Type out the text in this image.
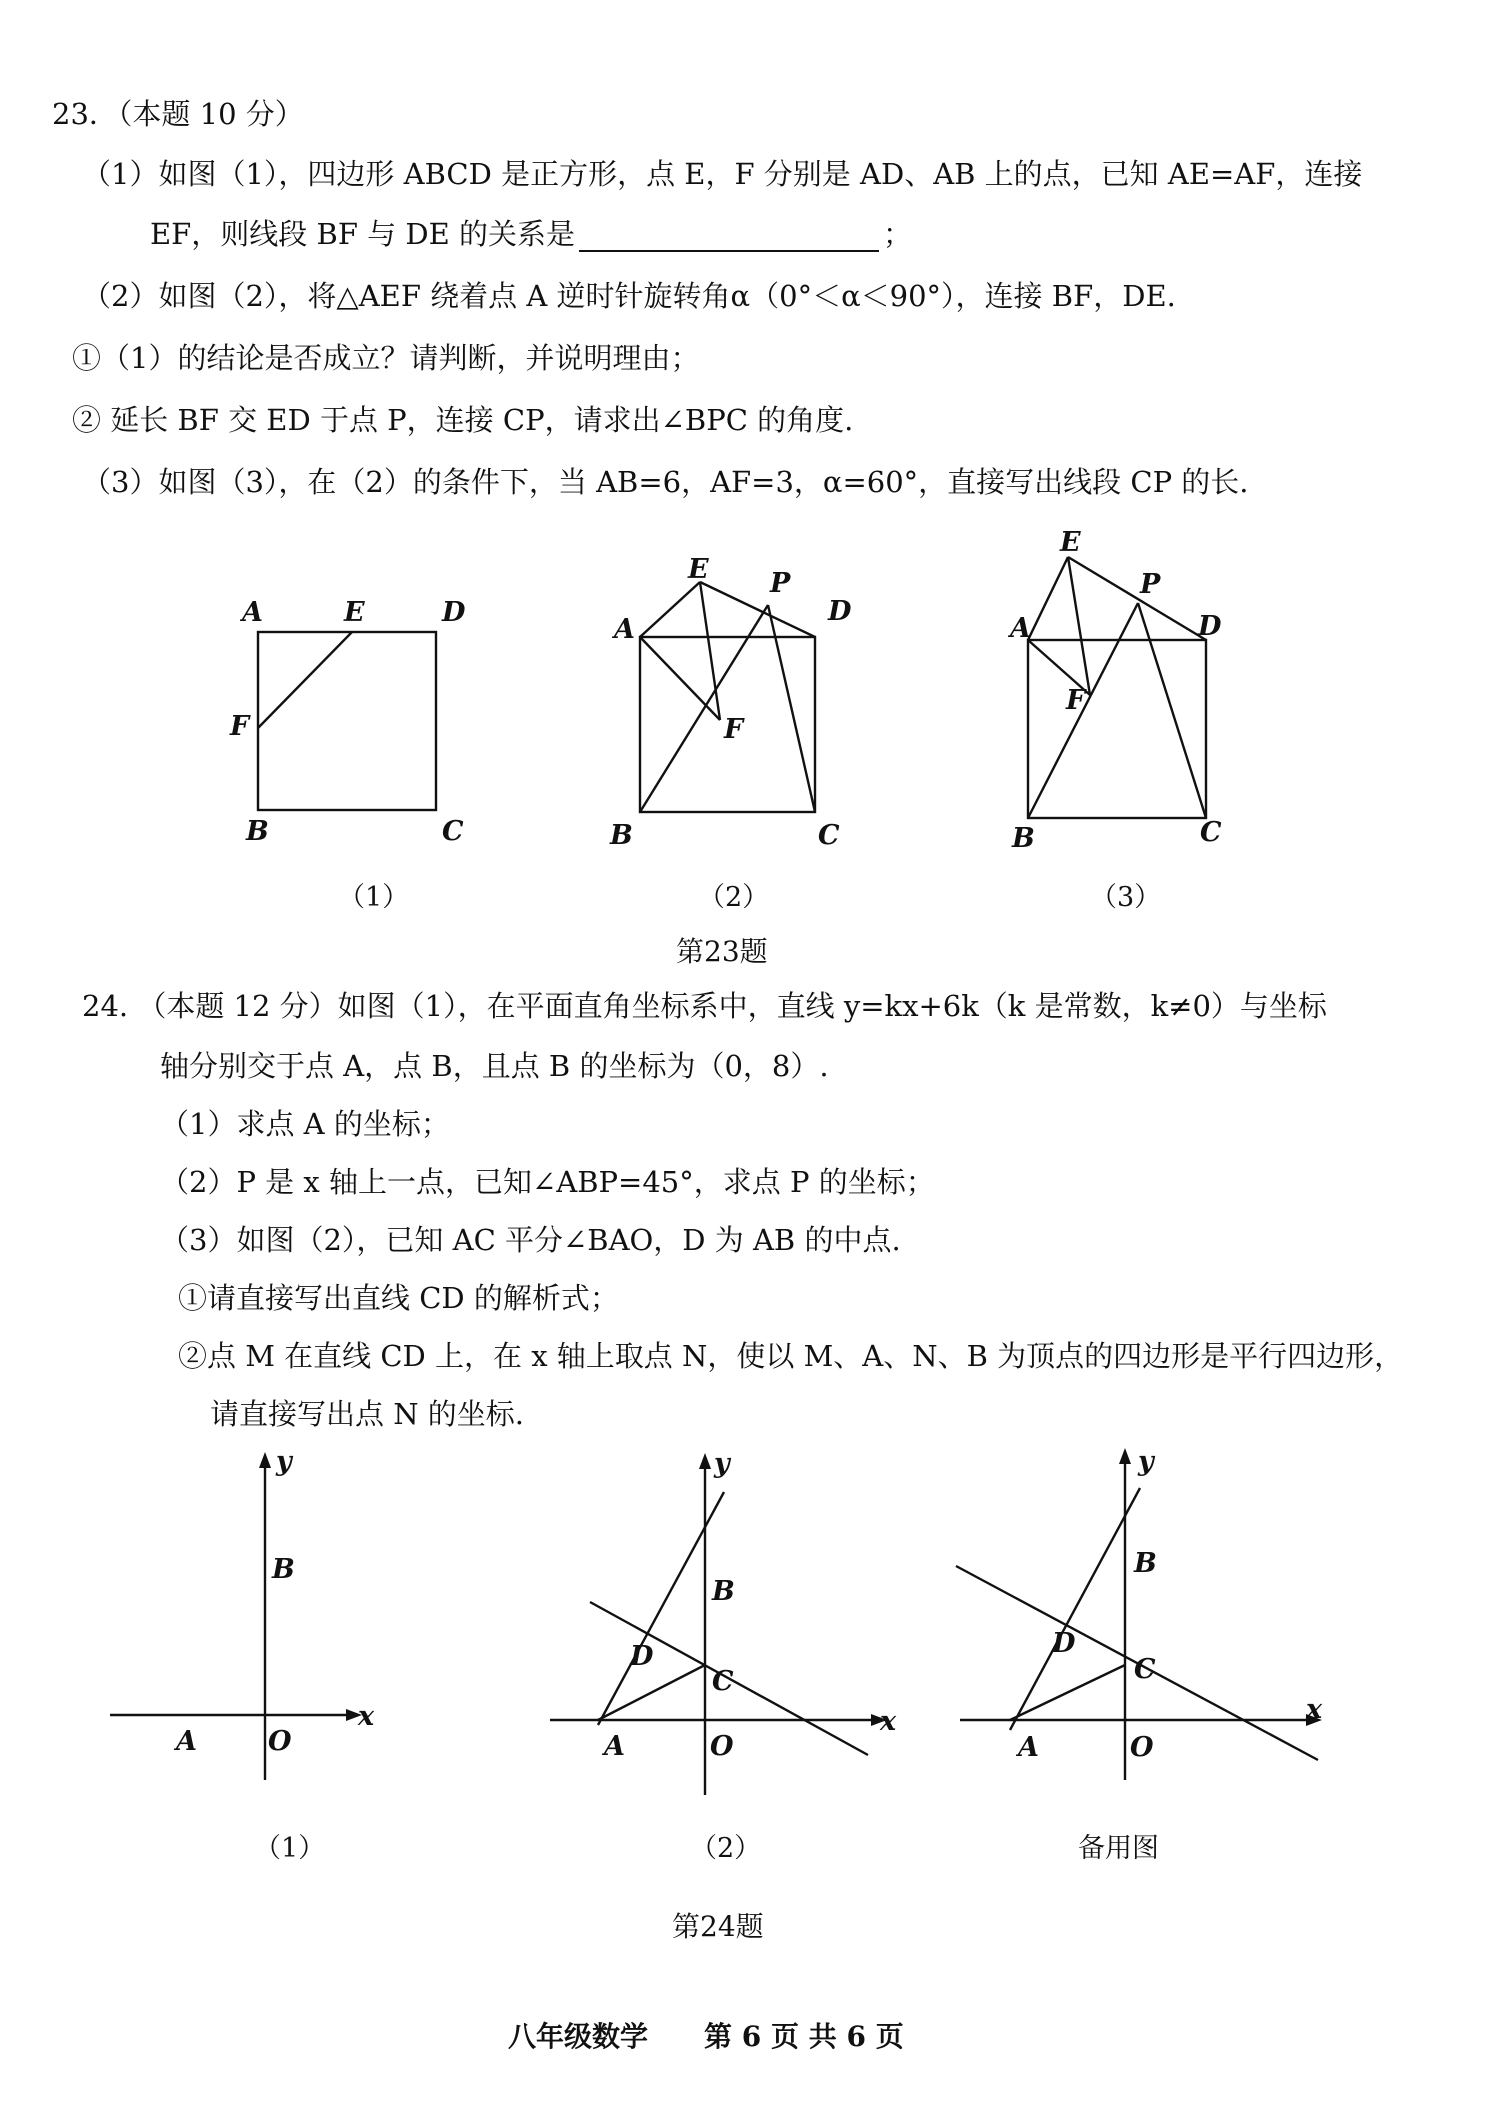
23．（本题 10 分）
（1）如图（1），四边形 ABCD 是正方形，点 E，F 分别是 AD、AB 上的点，已知 AE=AF，连接
EF，则线段 BF 与 DE 的关系是	；
（2）如图（2），将△AEF 绕着点 A 逆时针旋转角α（0°＜α＜90°），连接 BF，DE.
①（1）的结论是否成立？请判断，并说明理由；
② 延长 BF 交 ED 于点 P，连接 CP，请求出∠BPC 的角度.
（3）如图（3），在（2）的条件下，当 AB=6，AF=3，α=60°，直接写出线段 CP 的长.
A	E	D
F
B	C
E P
D
A
F
B	C
E
P
A	D
F
B	C
（1）	（2）	（3）
第23题
24. （本题 12 分）如图（1），在平面直角坐标系中，直线 y=kx+6k（k 是常数，k≠0）与坐标
轴分别交于点 A，点 B，且点 B 的坐标为（0，8）.
（1）求点 A 的坐标；
（2）P 是 x 轴上一点，已知∠ABP=45°，求点 P 的坐标；
（3）如图（2），已知 AC 平分∠BAO，D 为 AB 的中点.
①请直接写出直线 CD 的解析式；
②点 M 在直线 CD 上，在 x 轴上取点 N，使以 M、A、N、B 为顶点的四边形是平行四边形，
请直接写出点 N 的坐标.
y
B
x
A	O
y
B
D
C
x
A	O
y
B
D
C
x
A	O
（1）	（2）	备用图
第24题
八年级数学　　第 6 页 共 6 页
